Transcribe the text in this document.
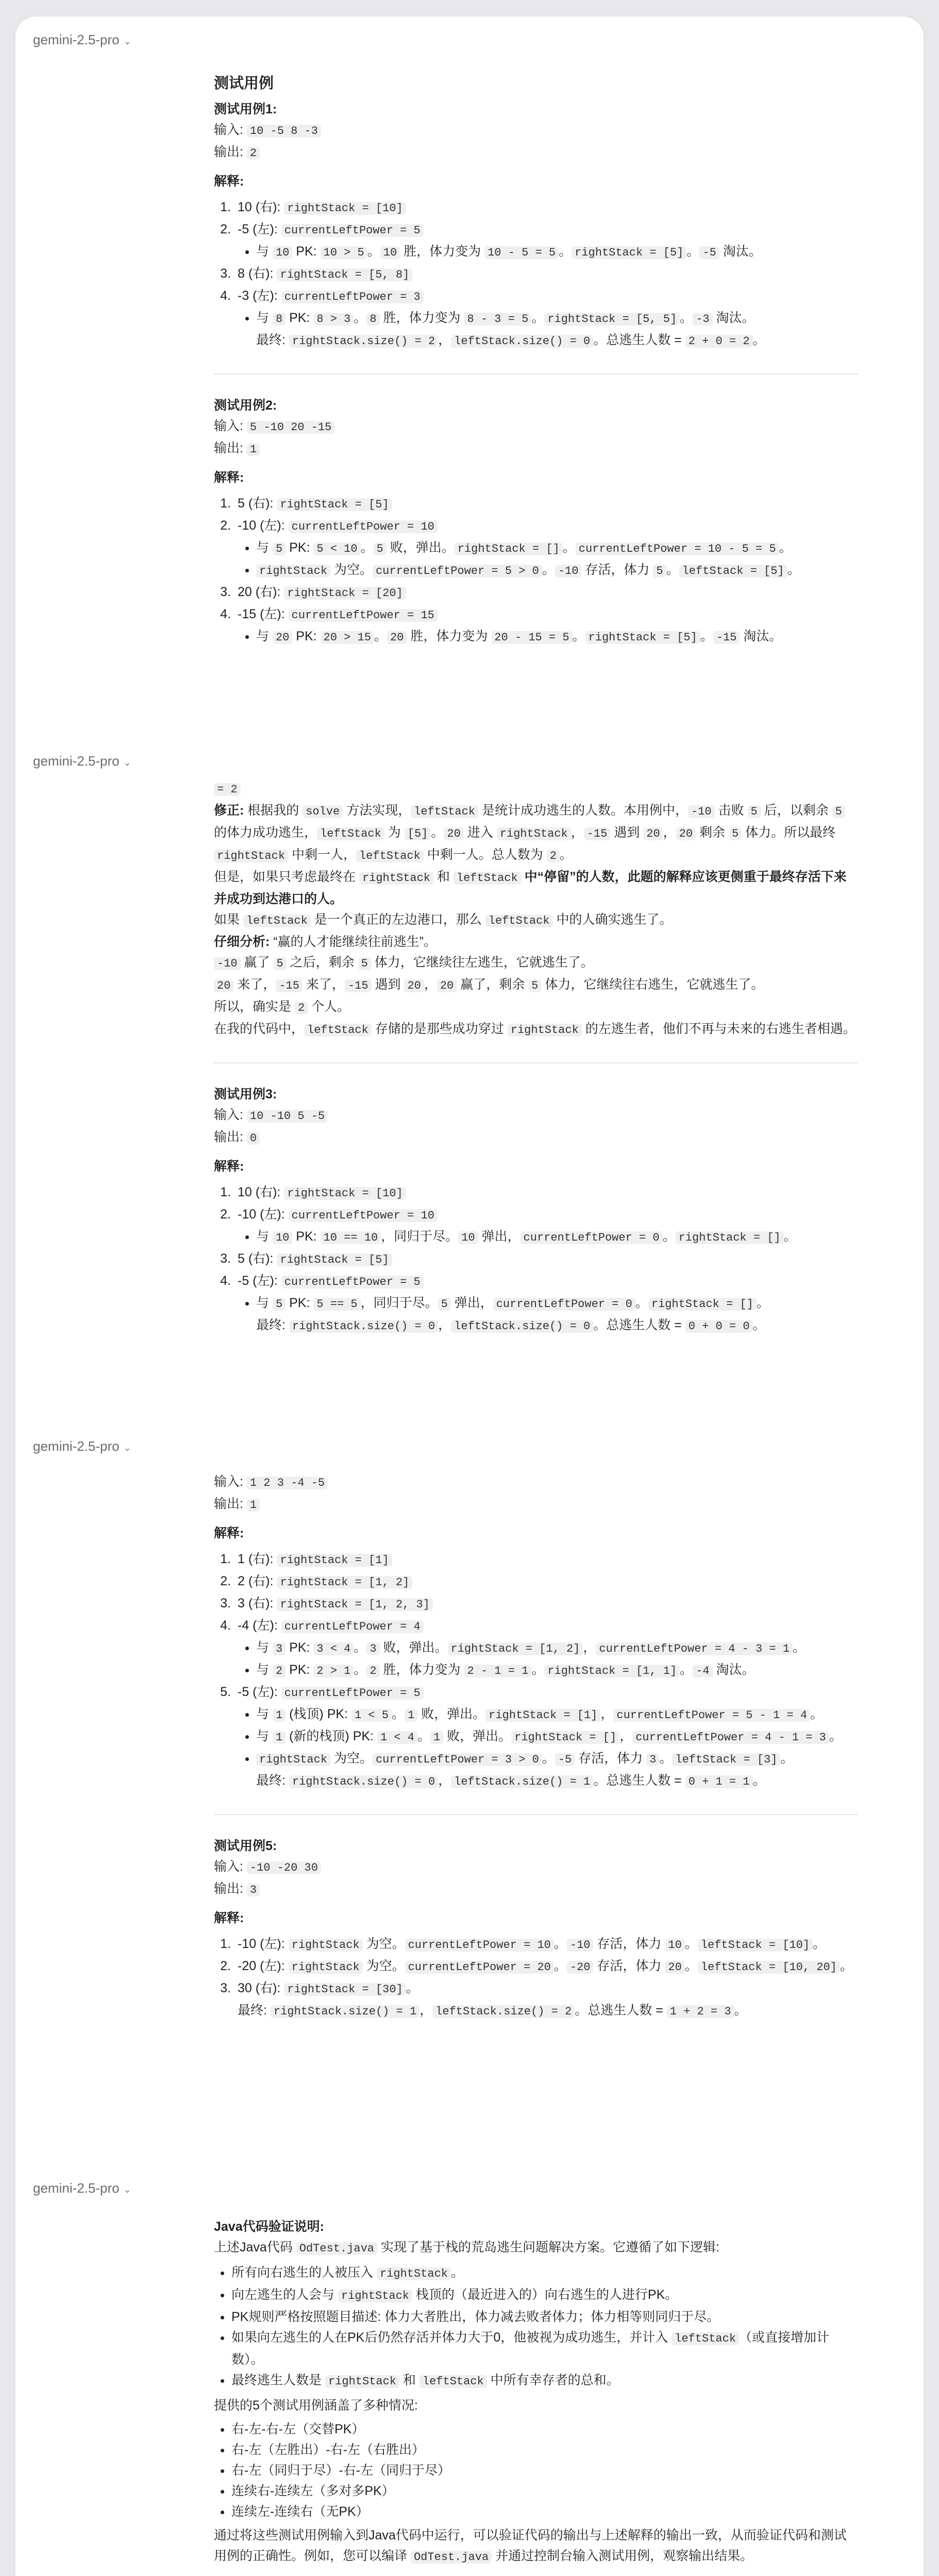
gemini-2.5-pro ⌄

测试用例

测试用例1:

输入: 10 -5 8 -3

输出: 2

解释:

1. 10 (右): rightStack = [10]
2. -5 (左): currentLeftPower = 5
• 与 10 PK: 10 > 5 。 10 胜，体力变为 10 - 5 = 5 。 rightStack = [5] 。 -5 淘汰。
3. 8 (右): rightStack = [5, 8]
4. -3 (左): currentLeftPower = 3
• 与 8 PK: 8 > 3 。 8 胜，体力变为 8 - 3 = 5 。 rightStack = [5, 5] 。 -3 淘汰。
最终: rightStack.size() = 2 ， leftStack.size() = 0 。总逃生人数 = 2 + 0 = 2 。

测试用例2:

输入: 5 -10 20 -15

输出: 1

解释:

1. 5 (右): rightStack = [5]
2. -10 (左): currentLeftPower = 10
• 与 5 PK: 5 < 10 。 5 败，弹出。 rightStack = [] 。 currentLeftPower = 10 - 5 = 5 。
• rightStack 为空。 currentLeftPower = 5 > 0 。 -10 存活，体力 5 。 leftStack = [5] 。
3. 20 (右): rightStack = [20]
4. -15 (左): currentLeftPower = 15
• 与 20 PK: 20 > 15 。 20 胜，体力变为 20 - 15 = 5 。 rightStack = [5] 。 -15 淘汰。
gemini-2.5-pro ⌄

= 2

修正: 根据我的 solve 方法实现， leftStack 是统计成功逃生的人数。本用例中， -10 击败 5 后，以剩余 5 的体力成功逃生， leftStack 为 [5] 。 20 进入 rightStack ， -15 遇到 20 ， 20 剩余 5 体力。所以最终 rightStack 中剩一人， leftStack 中剩一人。总人数为 2 。

但是，如果只考虑最终在 rightStack 和 leftStack 中“停留”的人数，此题的解释应该更侧重于最终存活下来并成功到达港口的人。

如果 leftStack 是一个真正的左边港口，那么 leftStack 中的人确实逃生了。

仔细分析: “赢的人才能继续往前逃生”。

-10 赢了 5 之后，剩余 5 体力，它继续往左逃生，它就逃生了。

20 来了， -15 来了， -15 遇到 20 ， 20 赢了，剩余 5 体力，它继续往右逃生，它就逃生了。

所以，确实是 2 个人。

在我的代码中， leftStack 存储的是那些成功穿过 rightStack 的左逃生者，他们不再与未来的右逃生者相遇。

测试用例3:

输入: 10 -10 5 -5

输出: 0

解释:

1. 10 (右): rightStack = [10]
2. -10 (左): currentLeftPower = 10
• 与 10 PK: 10 == 10 ，同归于尽。 10 弹出， currentLeftPower = 0 。 rightStack = [] 。
3. 5 (右): rightStack = [5]
4. -5 (左): currentLeftPower = 5
• 与 5 PK: 5 == 5 ，同归于尽。 5 弹出， currentLeftPower = 0 。 rightStack = [] 。
最终: rightStack.size() = 0 ， leftStack.size() = 0 。总逃生人数 = 0 + 0 = 0 。
gemini-2.5-pro ⌄

输入: 1 2 3 -4 -5

输出: 1

解释:

1. 1 (右): rightStack = [1]
2. 2 (右): rightStack = [1, 2]
3. 3 (右): rightStack = [1, 2, 3]
4. -4 (左): currentLeftPower = 4
• 与 3 PK: 3 < 4 。 3 败，弹出。 rightStack = [1, 2] ， currentLeftPower = 4 - 3 = 1 。
• 与 2 PK: 2 > 1 。 2 胜，体力变为 2 - 1 = 1 。 rightStack = [1, 1] 。 -4 淘汰。
5. -5 (左): currentLeftPower = 5
• 与 1 (栈顶) PK: 1 < 5 。 1 败，弹出。 rightStack = [1] ， currentLeftPower = 5 - 1 = 4 。
• 与 1 (新的栈顶) PK: 1 < 4 。 1 败，弹出。 rightStack = [] ， currentLeftPower = 4 - 1 = 3 。
• rightStack 为空。 currentLeftPower = 3 > 0 。 -5 存活，体力 3 。 leftStack = [3] 。
最终: rightStack.size() = 0 ， leftStack.size() = 1 。总逃生人数 = 0 + 1 = 1 。

测试用例5:

输入: -10 -20 30

输出: 3

解释:

1. -10 (左): rightStack 为空。 currentLeftPower = 10 。 -10 存活，体力 10 。 leftStack = [10] 。
2. -20 (左): rightStack 为空。 currentLeftPower = 20 。 -20 存活，体力 20 。 leftStack = [10, 20] 。
3. 30 (右): rightStack = [30] 。
最终: rightStack.size() = 1 ， leftStack.size() = 2 。总逃生人数 = 1 + 2 = 3 。
gemini-2.5-pro ⌄

Java代码验证说明:

上述Java代码 OdTest.java 实现了基于栈的荒岛逃生问题解决方案。它遵循了如下逻辑:

• 所有向右逃生的人被压入 rightStack 。
• 向左逃生的人会与 rightStack 栈顶的（最近进入的）向右逃生的人进行PK。
• PK规则严格按照题目描述: 体力大者胜出，体力减去败者体力；体力相等则同归于尽。
• 如果向左逃生的人在PK后仍然存活并体力大于0，他被视为成功逃生，并计入 leftStack （或直接增加计数）。
• 最终逃生人数是 rightStack 和 leftStack 中所有幸存者的总和。

提供的5个测试用例涵盖了多种情况:

• 右-左-右-左（交替PK）
• 右-左（左胜出）-右-左（右胜出）
• 右-左（同归于尽）-右-左（同归于尽）
• 连续右-连续左（多对多PK）
• 连续左-连续右（无PK）

通过将这些测试用例输入到Java代码中运行，可以验证代码的输出与上述解释的输出一致，从而验证代码和测试用例的正确性。例如，您可以编译 OdTest.java 并通过控制台输入测试用例，观察输出结果。
